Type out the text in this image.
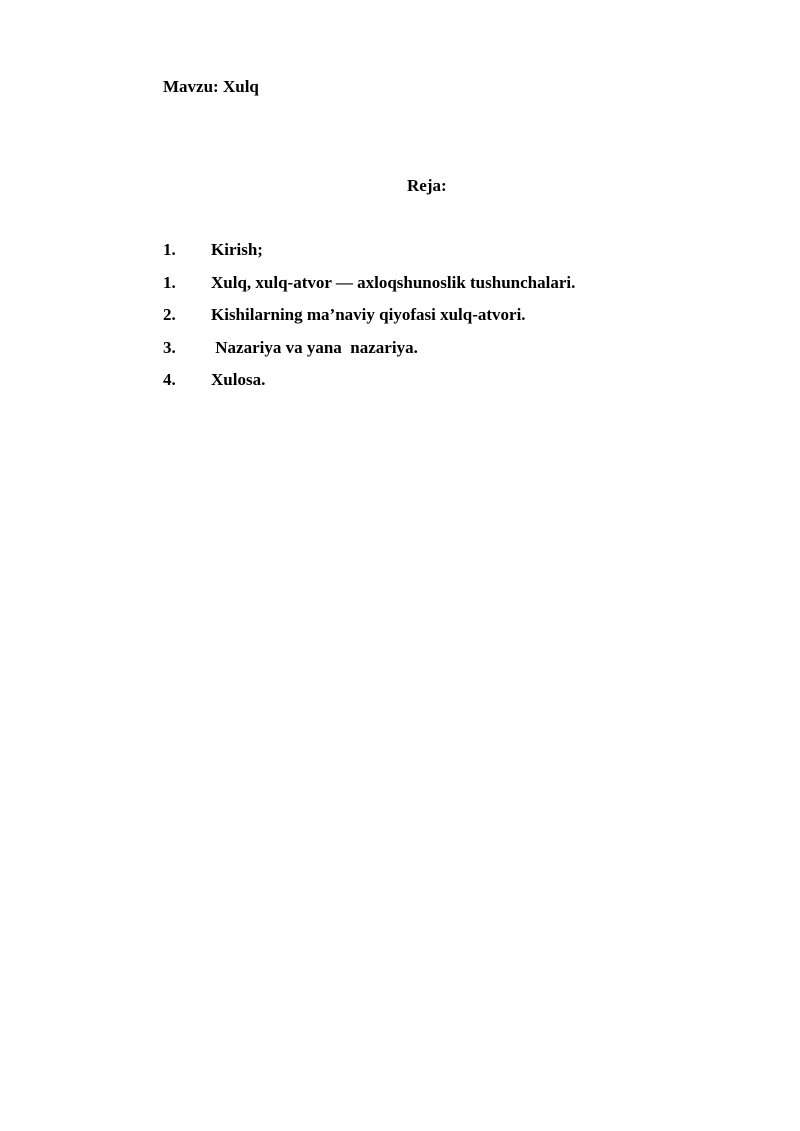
Mavzu: Xulq
Reja:
1.	Kirish;
1.	Xulq, xulq-atvor — axloqshunoslik tushunchalari.
2.	Kishilarning ma’naviy qiyofasi xulq-atvori.
3.	Nazariya va yana  nazariya.
4.	Xulosa.
